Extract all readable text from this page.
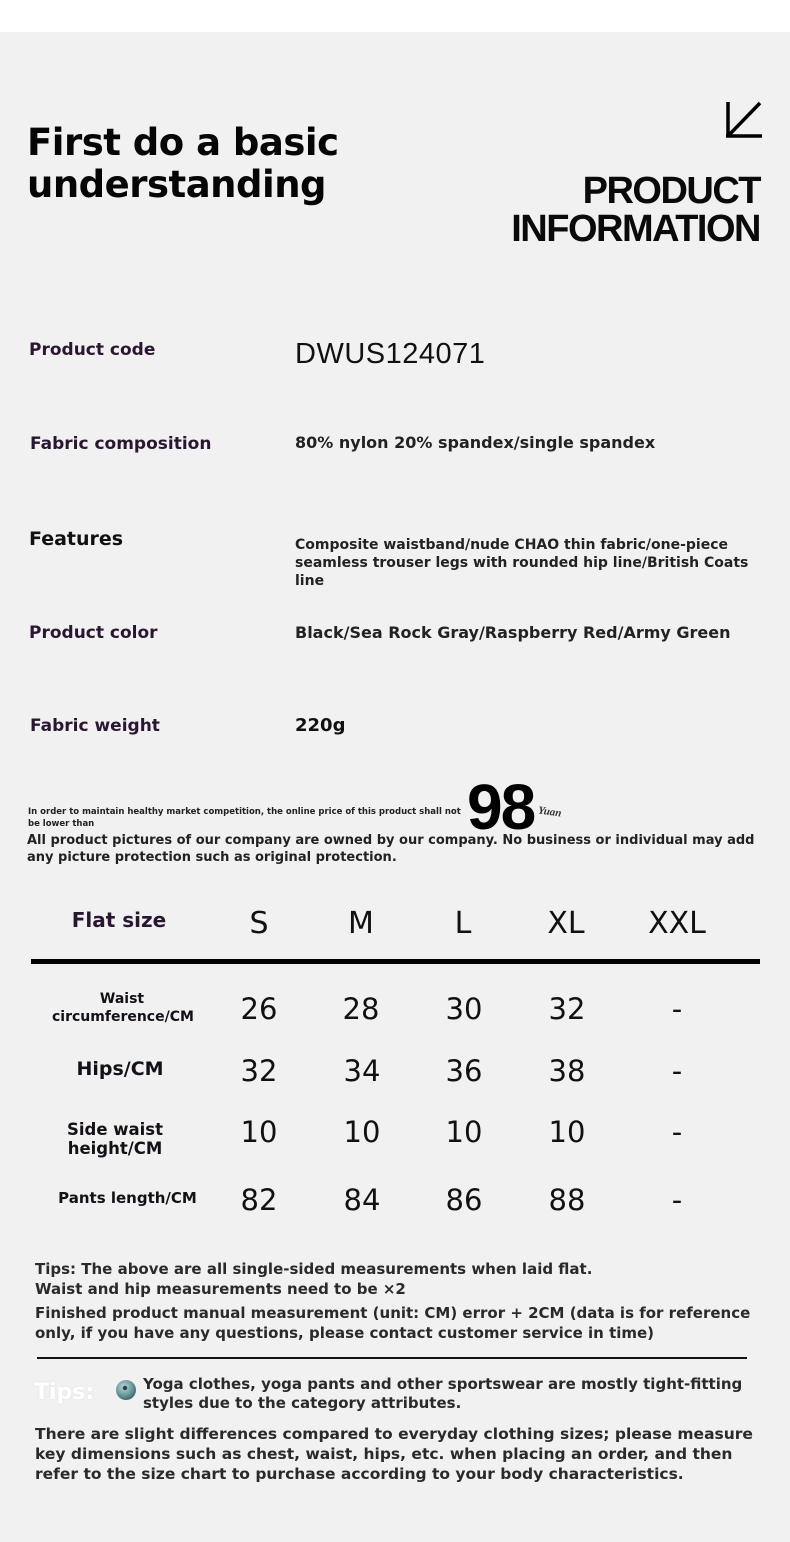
First do a basic understanding	PRODUCT
INFORMATION
Product code	DWUS124071
Fabric composition	80% nylon 20% spandex/single spandex
Features	Composite waistband/nude CHAO thin fabric/one-piece seamless trouser legs with rounded hip line/British Coats line
Product color	Black/Sea Rock Gray/Raspberry Red/Army Green
Fabric weight	220g
In order to maintain healthy market competition, the online price of this product shall not be lower than	98 Yuan
All product pictures of our company are owned by our company. No business or individual may add any picture protection such as original protection.
Flat size	S	M	L	XL	XXL
Waist circumference/CM	26	28	30	32	-
Hips/CM	32	34	36	38	-
Side waist height/CM	10	10	10	10	-
Pants length/CM	82	84	86	88	-
Tips: The above are all single-sided measurements when laid flat. Waist and hip measurements need to be ×2
Finished product manual measurement (unit: CM) error + 2CM (data is for reference only, if you have any questions, please contact customer service in time)
Tips:	Yoga clothes, yoga pants and other sportswear are mostly tight-fitting styles due to the category attributes.
There are slight differences compared to everyday clothing sizes; please measure key dimensions such as chest, waist, hips, etc. when placing an order, and then refer to the size chart to purchase according to your body characteristics.
